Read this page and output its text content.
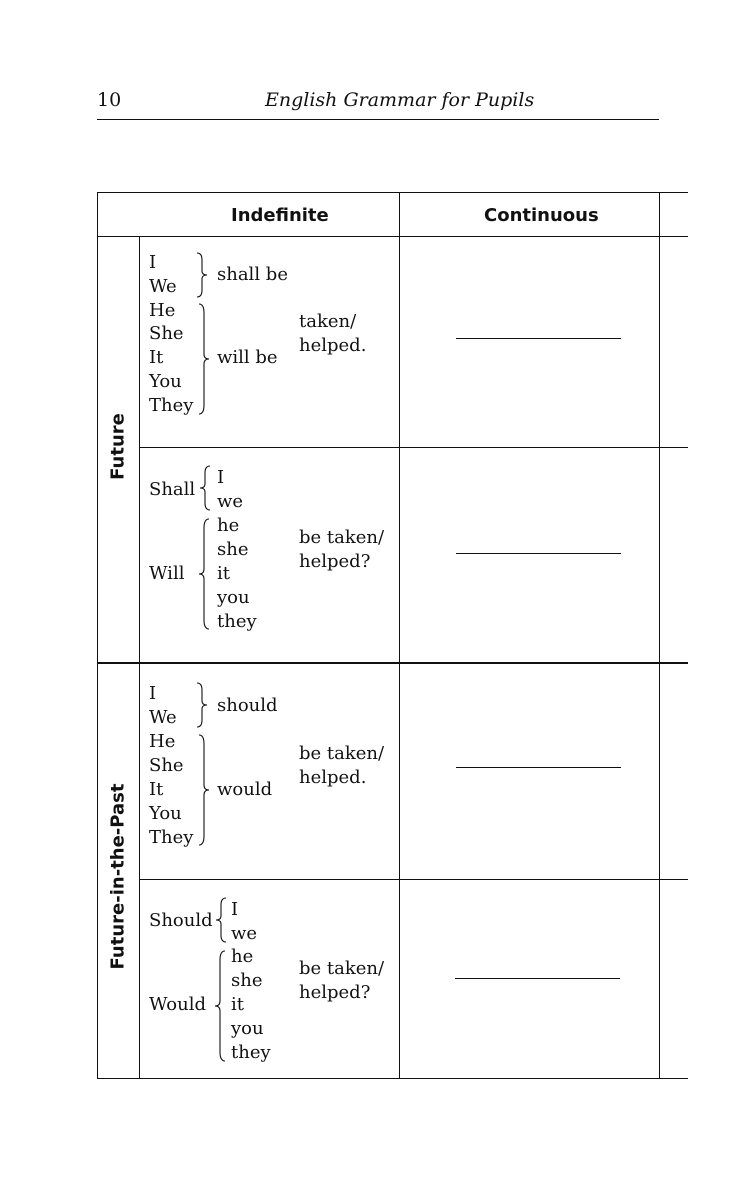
10	English Grammar for Pupils
Indefinite	Continuous
Future
Future-in-the-Past
I
We
shall be
He
She
It
You
They
will be
taken/
helped.
Shall
I
we
Will
he
she
it
you
they
be taken/
helped?
I
We
should
He
She
It
You
They
would
be taken/
helped.
Should
I
we
Would
he
she
it
you
they
be taken/
helped?
